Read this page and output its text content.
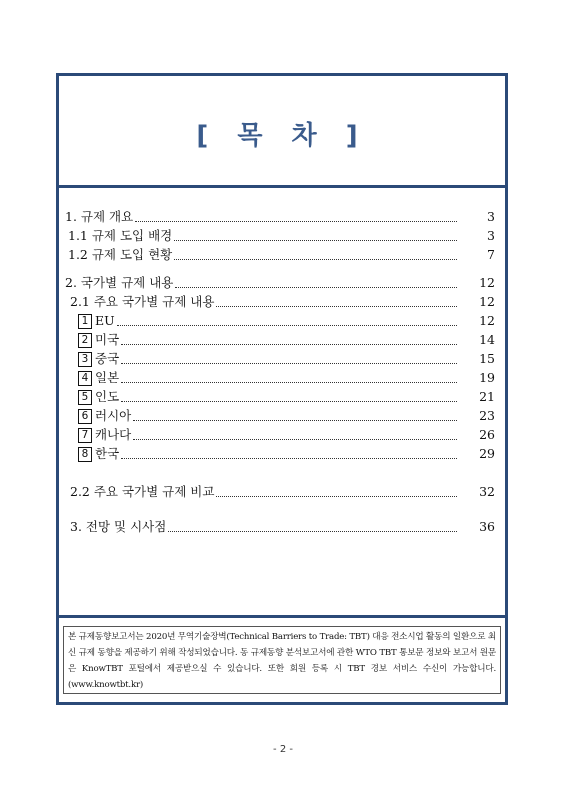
[ 목 차 ]
1. 규제 개요	3
1.1 규제 도입 배경	3
1.2 규제 도입 현황	7
2. 국가별 규제 내용	12
2.1 주요 국가별 규제 내용	12
1 EU	12
2 미국	14
3 중국	15
4 일본	19
5 인도	21
6 러시아	23
7 캐나다	26
8 한국	29
2.2 주요 국가별 규제 비교	32
3. 전망 및 시사점	36
본 규제동향보고서는 2020년 무역기술장벽(Technical Barriers to Trade: TBT) 대응 전소시업 활동의 일환으로 최신 규제 동향을 제공하기 위해 작성되었습니다. 동 규제동향 분석보고서에 관한 WTO TBT 통보문 정보와 보고서 원문은 KnowTBT 포털에서 제공받으실 수 있습니다. 또한 회원 등록 시 TBT 경보 서비스 수신이 가능합니다. (www.knowtbt.kr)
- 2 -
